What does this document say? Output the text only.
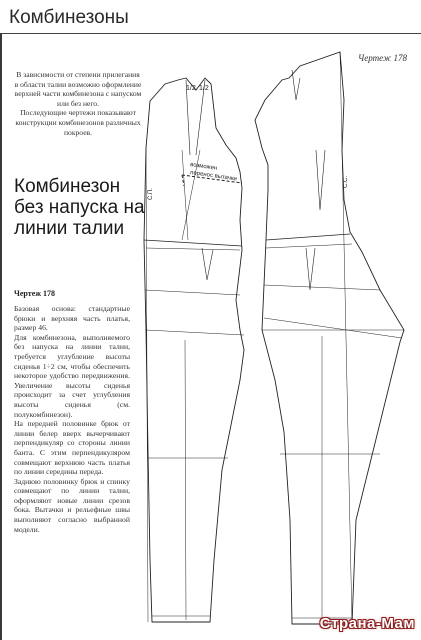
Комбинезоны
Чертеж 178

В зависимости от степени прилегания в области талии возможно оформление верхней части комбинезона с напуском или без него.

Последующие чертежи показывают конструкции комбинезонов различных покроев.

Комбинезон без напуска на линии талии
Чертеж 178

Базовая основа: стандартные брюки и верхняя часть платья, размер 46.

Для комбинезона, выполняемого без напуска на линии талии, требуется углубление высоты сиденья 1÷2 см, чтобы обеспечить некоторое удобство передвижения. Увеличение высоты сиденья происходит за счет углубления высоты сиденья (см. полукомбинезон).

На передней половинке брюк от линии белер вверх вычерчивают перпендикуляр со стороны линии банта. С этим перпендикуляром совмещают верхнюю часть платья по линии середины переда.

Заднюю половинку брюк и спинку совмещают по линии талии, оформляют новые линии срезов бока. Вытачки и рельефные швы выполняют согласно выбранной модели.

1/2 1/2
возможен
перенос вытачки
С.П.
С.С.
Страна-Мам
